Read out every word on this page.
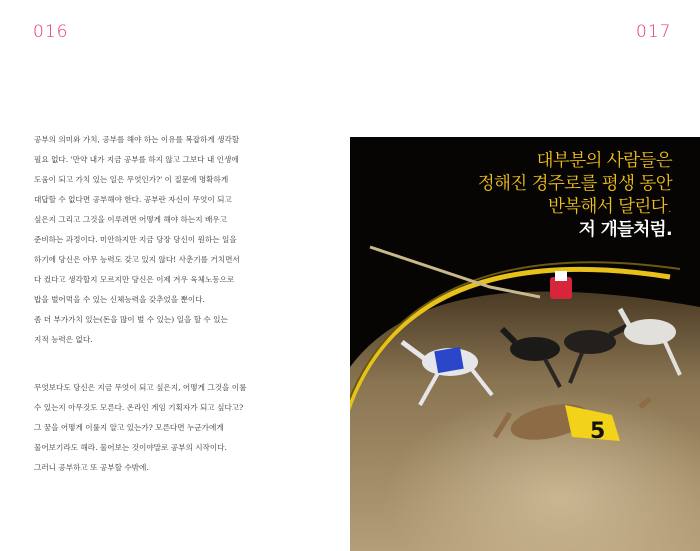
016	017
공부의 의미와 가치, 공부를 해야 하는 이유를 복잡하게 생각할
필요 없다. '만약 내가 지금 공부를 하지 않고 그보다 내 인생에
도움이 되고 가치 있는 일은 무엇인가?' 이 질문에 명확하게
대답할 수 없다면 공부해야 한다. 공부란 자신이 무엇이 되고
싶은지 그리고 그것을 이루려면 어떻게 해야 하는지 배우고
준비하는 과정이다. 미안하지만 지금 당장 당신이 원하는 일을
하기에 당신은 아무 능력도 갖고 있지 않다! 사춘기를 거치면서
다 컸다고 생각할지 모르지만 당신은 이제 겨우 육체노동으로
밥을 벌어먹을 수 있는 신체능력을 갖추었을 뿐이다.
좀 더 부가가치 있는(돈을 많이 벌 수 있는) 일을 할 수 있는
지적 능력은 없다.
무엇보다도 당신은 지금 무엇이 되고 싶은지, 어떻게 그것을 이룰
수 있는지 아무것도 모른다. 온라인 게임 기획자가 되고 싶다고?
그 꿈을 어떻게 이룰지 알고 있는가? 모른다면 누군가에게
물어보기라도 해라. 물어보는 것이야말로 공부의 시작이다.
그러니 공부하고 또 공부할 수밖에.
5
대부분의 사람들은
정해진 경주로를 평생 동안
반복해서 달린다.
저 개들처럼.
